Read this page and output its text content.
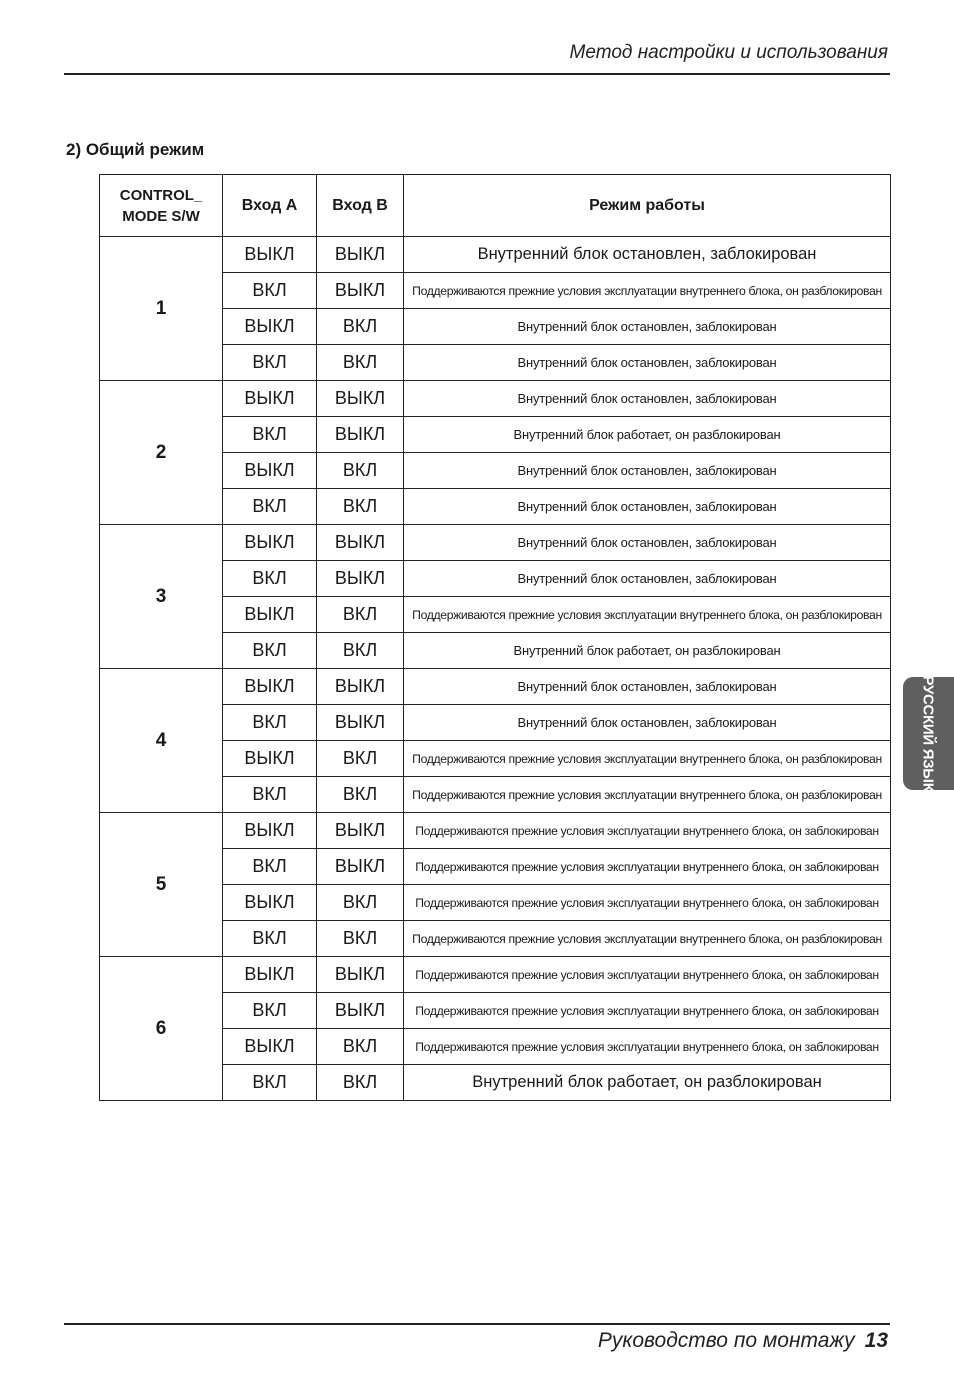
Метод настройки и использования
2) Общий режим
CONTROL_
MODE S/W	Вход A	Вход B	Режим работы
1	ВЫКЛ	ВЫКЛ	Внутренний блок остановлен, заблокирован
	ВКЛ	ВЫКЛ	Поддерживаются прежние условия эксплуатации внутреннего блока, он разблокирован
	ВЫКЛ	ВКЛ	Внутренний блок остановлен, заблокирован
	ВКЛ	ВКЛ	Внутренний блок остановлен, заблокирован
2	ВЫКЛ	ВЫКЛ	Внутренний блок остановлен, заблокирован
	ВКЛ	ВЫКЛ	Внутренний блок работает, он разблокирован
	ВЫКЛ	ВКЛ	Внутренний блок остановлен, заблокирован
	ВКЛ	ВКЛ	Внутренний блок остановлен, заблокирован
3	ВЫКЛ	ВЫКЛ	Внутренний блок остановлен, заблокирован
	ВКЛ	ВЫКЛ	Внутренний блок остановлен, заблокирован
	ВЫКЛ	ВКЛ	Поддерживаются прежние условия эксплуатации внутреннего блока, он разблокирован
	ВКЛ	ВКЛ	Внутренний блок работает, он разблокирован
4	ВЫКЛ	ВЫКЛ	Внутренний блок остановлен, заблокирован
	ВКЛ	ВЫКЛ	Внутренний блок остановлен, заблокирован
	ВЫКЛ	ВКЛ	Поддерживаются прежние условия эксплуатации внутреннего блока, он разблокирован
	ВКЛ	ВКЛ	Поддерживаются прежние условия эксплуатации внутреннего блока, он разблокирован
5	ВЫКЛ	ВЫКЛ	Поддерживаются прежние условия эксплуатации внутреннего блока, он заблокирован
	ВКЛ	ВЫКЛ	Поддерживаются прежние условия эксплуатации внутреннего блока, он заблокирован
	ВЫКЛ	ВКЛ	Поддерживаются прежние условия эксплуатации внутреннего блока, он заблокирован
	ВКЛ	ВКЛ	Поддерживаются прежние условия эксплуатации внутреннего блока, он разблокирован
6	ВЫКЛ	ВЫКЛ	Поддерживаются прежние условия эксплуатации внутреннего блока, он заблокирован
	ВКЛ	ВЫКЛ	Поддерживаются прежние условия эксплуатации внутреннего блока, он заблокирован
	ВЫКЛ	ВКЛ	Поддерживаются прежние условия эксплуатации внутреннего блока, он заблокирован
	ВКЛ	ВКЛ	Внутренний блок работает, он разблокирован
РУССКИЙ ЯЗЫК
Руководство по монтажу 13
